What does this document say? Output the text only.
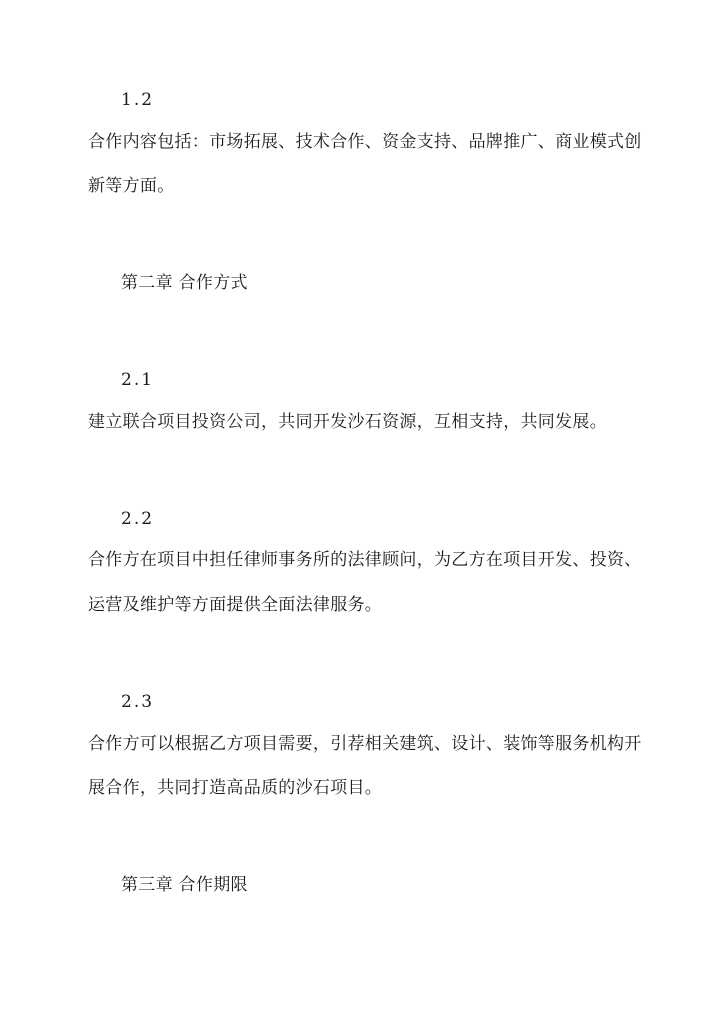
1.2
合作内容包括：市场拓展、技术合作、资金支持、品牌推广、商业模式创
新等方面。
第二章 合作方式
2.1
建立联合项目投资公司，共同开发沙石资源，互相支持，共同发展。
2.2
合作方在项目中担任律师事务所的法律顾问，为乙方在项目开发、投资、
运营及维护等方面提供全面法律服务。
2.3
合作方可以根据乙方项目需要，引荐相关建筑、设计、装饰等服务机构开
展合作，共同打造高品质的沙石项目。
第三章 合作期限
